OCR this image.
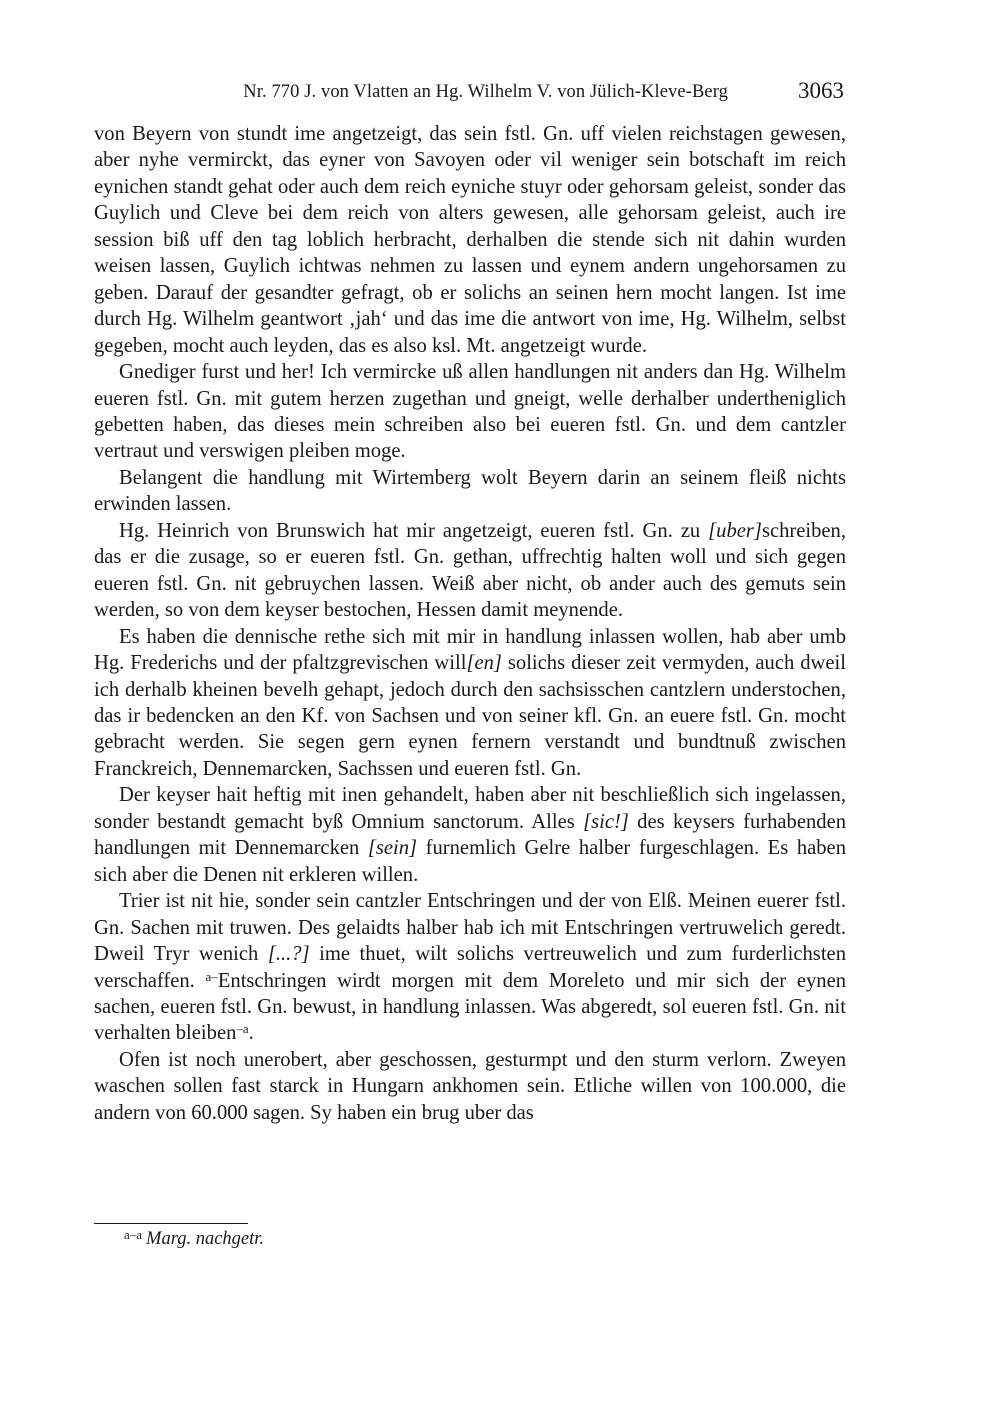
Nr. 770 J. von Vlatten an Hg. Wilhelm V. von Jülich-Kleve-Berg	3063

von Beyern von stundt ime angetzeigt, das sein fstl. Gn. uff vielen reichstagen gewesen, aber nyhe vermirckt, das eyner von Savoyen oder vil weniger sein botschaft im reich eynichen standt gehat oder auch dem reich eyniche stuyr oder gehorsam geleist, sonder das Guylich und Cleve bei dem reich von alters gewesen, alle gehorsam geleist, auch ire session biß uff den tag loblich herbracht, derhalben die stende sich nit dahin wurden weisen lassen, Guylich ichtwas nehmen zu lassen und eynem andern ungehorsamen zu geben. Darauf der gesandter gefragt, ob er solichs an seinen hern mocht langen. Ist ime durch Hg. Wilhelm geantwort ‚jah‘ und das ime die antwort von ime, Hg. Wilhelm, selbst gegeben, mocht auch leyden, das es also ksl. Mt. angetzeigt wurde.

Gnediger furst und her! Ich vermircke uß allen handlungen nit anders dan Hg. Wilhelm eueren fstl. Gn. mit gutem herzen zugethan und gneigt, welle derhalber undertheniglich gebetten haben, das dieses mein schreiben also bei eueren fstl. Gn. und dem cantzler vertraut und verswigen pleiben moge.

Belangent die handlung mit Wirtemberg wolt Beyern darin an seinem fleiß nichts erwinden lassen.

Hg. Heinrich von Brunswich hat mir angetzeigt, eueren fstl. Gn. zu [uber]schreiben, das er die zusage, so er eueren fstl. Gn. gethan, uffrechtig halten woll und sich gegen eueren fstl. Gn. nit gebruychen lassen. Weiß aber nicht, ob ander auch des gemuts sein werden, so von dem keyser bestochen, Hessen damit meynende.

Es haben die dennische rethe sich mit mir in handlung inlassen wollen, hab aber umb Hg. Frederichs und der pfaltzgrevischen will[en] solichs dieser zeit vermyden, auch dweil ich derhalb kheinen bevelh gehapt, jedoch durch den sachsisschen cantzlern understochen, das ir bedencken an den Kf. von Sachsen und von seiner kfl. Gn. an euere fstl. Gn. mocht gebracht werden. Sie segen gern eynen fernern verstandt und bundtnuß zwischen Franckreich, Dennemarcken, Sachssen und eueren fstl. Gn.

Der keyser hait heftig mit inen gehandelt, haben aber nit beschließlich sich ingelassen, sonder bestandt gemacht byß Omnium sanctorum. Alles [sic!] des keysers furhabenden handlungen mit Dennemarcken [sein] furnemlich Gelre halber furgeschlagen. Es haben sich aber die Denen nit erkleren willen.

Trier ist nit hie, sonder sein cantzler Entschringen und der von Elß. Meinen euerer fstl. Gn. Sachen mit truwen. Des gelaidts halber hab ich mit Entschringen vertruwelich geredt. Dweil Tryr wenich [...?] ime thuet, wilt solichs vertreuwelich und zum furderlichsten verschaffen. $^{a-}$Entschringen wirdt morgen mit dem Moreleto und mir sich der eynen sachen, eueren fstl. Gn. bewust, in handlung inlassen. Was abgeredt, sol eueren fstl. Gn. nit verhalten bleiben$^{-a}$.

Ofen ist noch unerobert, aber geschossen, gesturmpt und den sturm verlorn. Zweyen waschen sollen fast starck in Hungarn ankhomen sein. Etliche willen von 100.000, die andern von 60.000 sagen. Sy haben ein brug uber das

$^{a-a}$ Marg. nachgetr.
